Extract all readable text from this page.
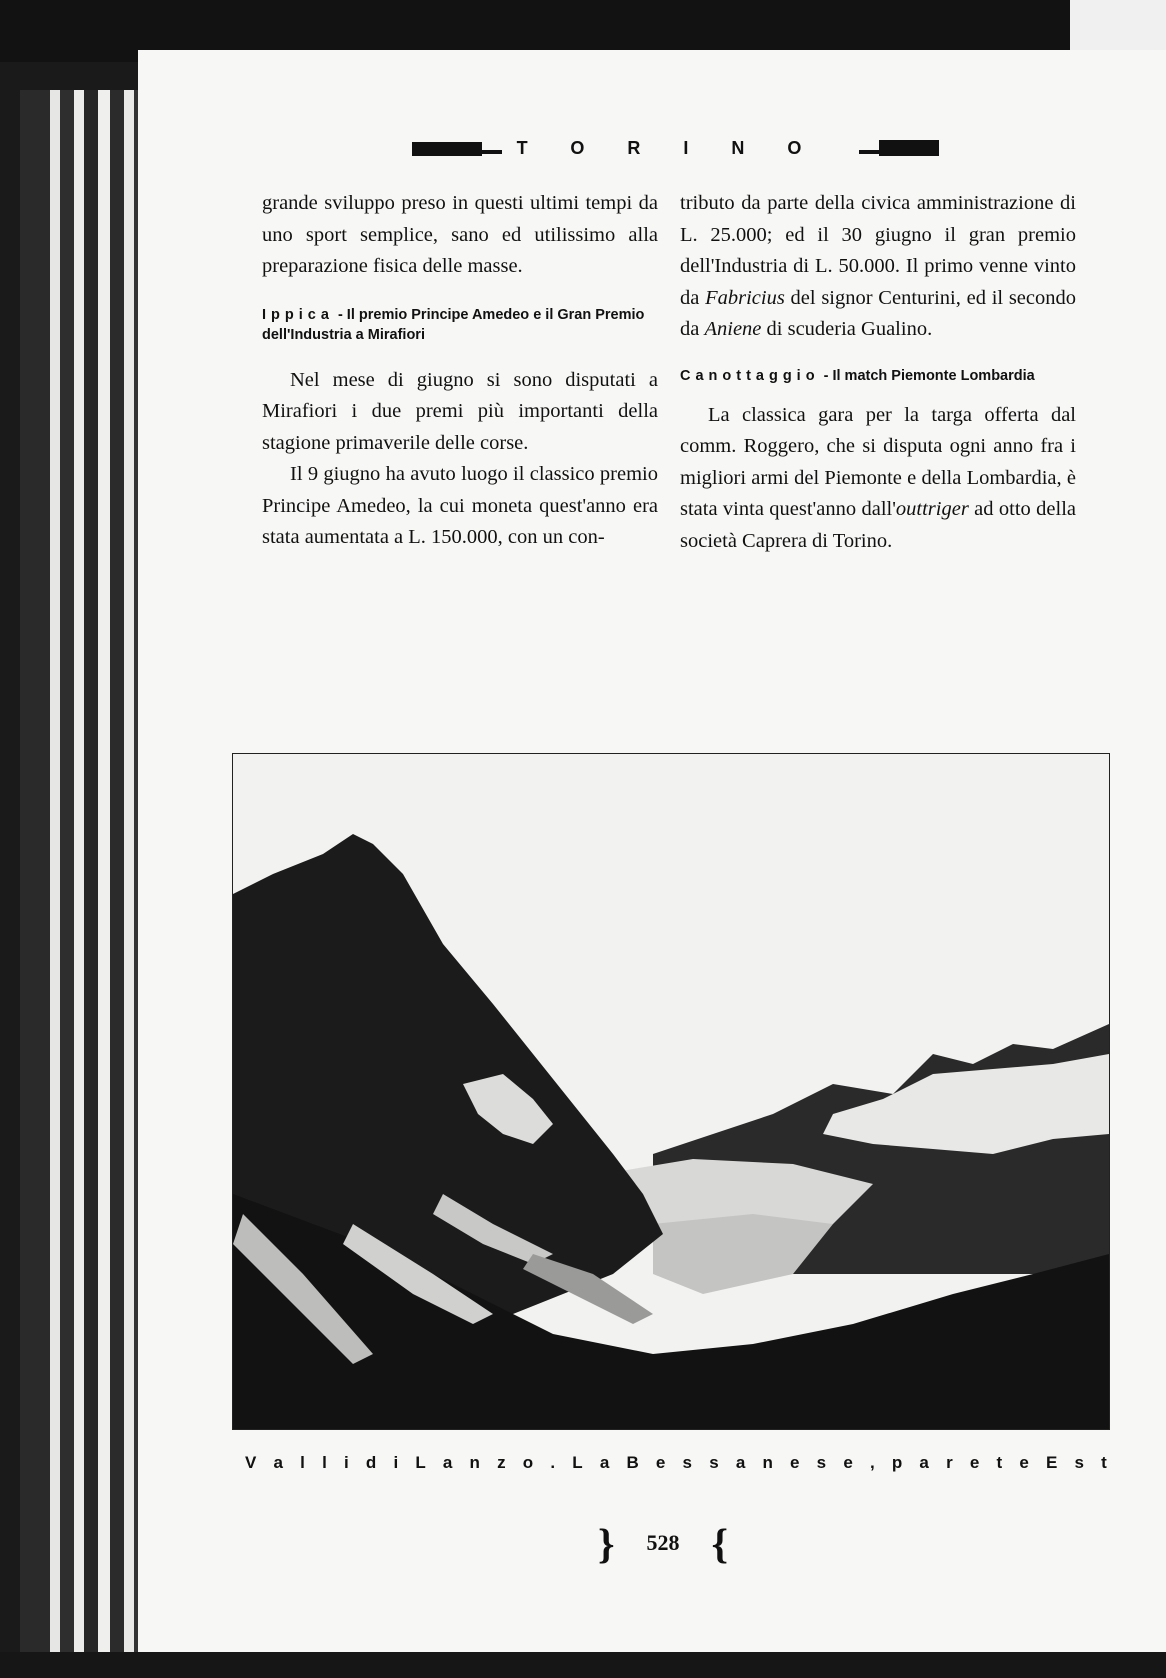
TORINO

grande sviluppo preso in questi ultimi tempi da uno sport semplice, sano ed utilissimo alla preparazione fisica delle masse.

Ippica - Il premio Principe Amedeo e il Gran Premio dell'Industria a Mirafiori

Nel mese di giugno si sono disputati a Mirafiori i due premi più importanti della stagione primaverile delle corse.

Il 9 giugno ha avuto luogo il classico premio Principe Amedeo, la cui moneta quest'anno era stata aumentata a L. 150.000, con un con-

tributo da parte della civica amministrazione di L. 25.000; ed il 30 giugno il gran premio dell'Industria di L. 50.000. Il primo venne vinto da Fabricius del signor Centurini, ed il secondo da Aniene di scuderia Gualino.

Canottaggio - Il match Piemonte Lombardia

La classica gara per la targa offerta dal comm. Roggero, che si disputa ogni anno fra i migliori armi del Piemonte e della Lombardia, è stata vinta quest'anno dall'outtriger ad otto della società Caprera di Torino.

V a l l i d i L a n z o . L a B e s s a n e s e , p a r e t e E s t
}	528 {
